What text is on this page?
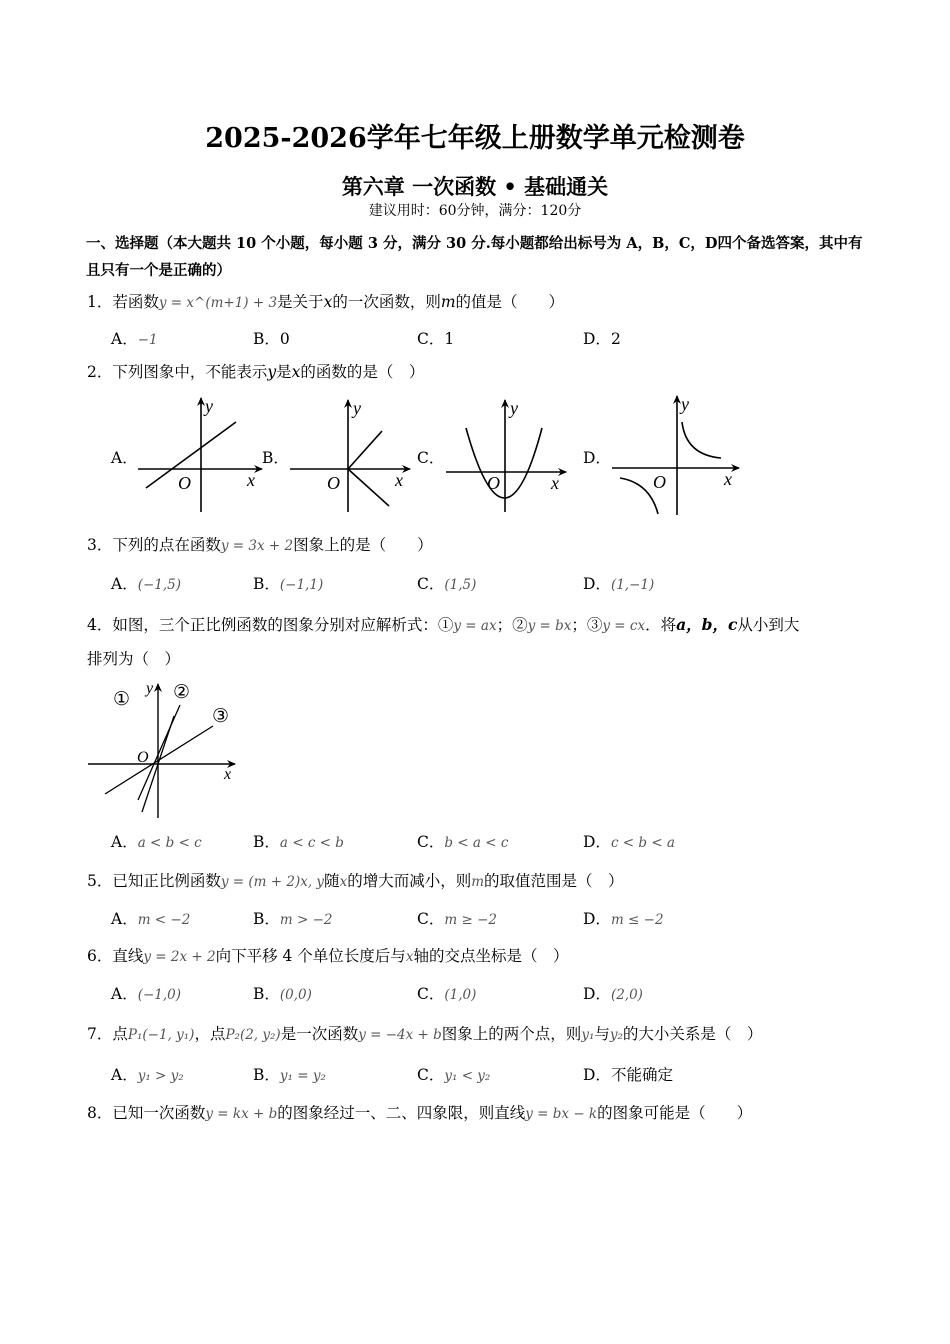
2025-2026学年七年级上册数学单元检测卷
第六章 一次函数 • 基础通关
建议用时：60分钟，满分：120分
一、选择题（本大题共 10 个小题，每小题 3 分，满分 30 分.每小题都给出标号为 A，B，C，D四个备选答案，其中有且只有一个是正确的）
1．若函数y = x^(m+1) + 3是关于x的一次函数，则m的值是（　　）
A．−1	B．0	C．1	D．2
2．下列图象中，不能表示y是x的函数的是（　）
A．	B．	C．	D．
y
x
O
y
x
O
y
x
O
y
x
O
y
x
O
① ②
③
3．下列的点在函数y = 3x + 2图象上的是（　　）
A．(−1,5)	B．(−1,1)	C．(1,5)	D．(1,−1)
4．如图，三个正比例函数的图象分别对应解析式：①y = ax；②y = bx；③y = cx．将a，b，c从小到大
排列为（　）
A．a < b < c	B．a < c < b	C．b < a < c	D．c < b < a
5．已知正比例函数y = (m + 2)x, y随x的增大而减小，则m的取值范围是（　）
A．m < −2	B．m > −2	C．m ≥ −2	D．m ≤ −2
6．直线y = 2x + 2向下平移 4 个单位长度后与x轴的交点坐标是（　）
A．(−1,0)	B．(0,0)	C．(1,0)	D．(2,0)
7．点P₁(−1, y₁)，点P₂(2, y₂)是一次函数y = −4x + b图象上的两个点，则y₁与y₂的大小关系是（　）
A．y₁ > y₂	B．y₁ = y₂	C．y₁ < y₂	D．不能确定
8．已知一次函数y = kx + b的图象经过一、二、四象限，则直线y = bx − k的图象可能是（　　）
